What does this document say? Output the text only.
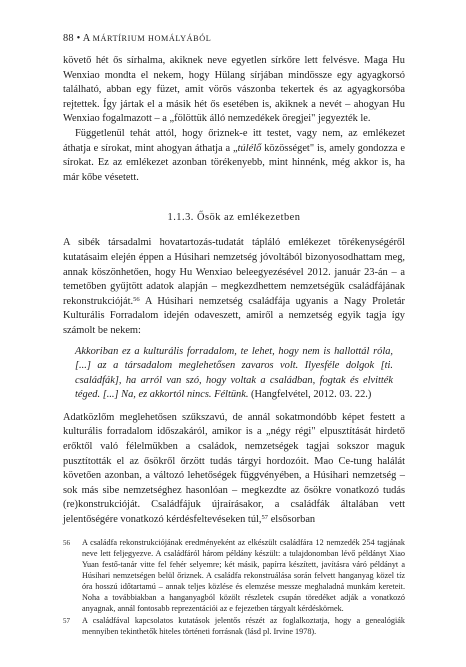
88 • A MÁRTÍRIUM HOMÁLYÁBÓL

követő hét ős sírhalma, akiknek neve egyetlen sírkőre lett felvésve. Maga Hu Wenxiao mondta el nekem, hogy Hülang sírjában mindössze egy agyagkorsó található, abban egy füzet, amit vörös vászonba tekertek és az agyagkorsóba rejtettek. Így jártak el a másik hét ős esetében is, akiknek a nevét – ahogyan Hu Wenxiao fogalmazott – a „fölöttük álló nemzedékek öregjei" jegyezték le.

Függetlenül tehát attól, hogy őriznek-e itt testet, vagy nem, az emlékezet áthatja e sírokat, mint ahogyan áthatja a „túlélő közösséget" is, amely gondozza e sírokat. Ez az emlékezet azonban törékenyebb, mint hinnénk, még akkor is, ha már kőbe vésetett.

1.1.3. Ősök az emlékezetben

A sibék társadalmi hovatartozás-tudatát tápláló emlékezet törékenységéről kutatásaim elején éppen a Húsihari nemzetség jóvoltából bizonyosodhattam meg, annak köszönhetően, hogy Hu Wenxiao beleegyezésével 2012. január 23-án – a temetőben gyűjtött adatok alapján – megkezdhettem nemzetségük családfájának rekonstrukcióját.$^{56}$ A Húsihari nemzetség családfája ugyanis a Nagy Proletár Kulturális Forradalom idején odaveszett, amiről a nemzetség egyik tagja így számolt be nekem:

Akkoriban ez a kulturális forradalom, te lehet, hogy nem is hallottál róla, [...] az a társadalom meglehetősen zavaros volt. Ilyesféle dolgok [ti. családfák], ha arról van szó, hogy voltak a családban, fogtak és elvitték téged. [...] Na, ez akkortól nincs. Féltünk. (Hangfelvétel, 2012. 03. 22.)

Adatközlőm meglehetősen szűkszavú, de annál sokatmondóbb képet festett a kulturális forradalom időszakáról, amikor is a „négy régi" elpusztítását hirdető erőktől való félelmükben a családok, nemzetségek tagjai sokszor maguk pusztították el az ősökről őrzött tudás tárgyi hordozóit. Mao Ce-tung halálát követően azonban, a változó lehetőségek függvényében, a Húsihari nemzetség – sok más sibe nemzetséghez hasonlóan – megkezdte az ősökre vonatkozó tudás (re)konstrukcióját. Családfájuk újraírásakor, a családfák általában vett jelentőségére vonatkozó kérdésfeltevéseken túl,$^{57}$ elsősorban

56	A családfa rekonstrukciójának eredményeként az elkészült családfára 12 nemzedék 254 tagjának neve lett feljegyezve. A családfáról három példány készült: a tulajdonomban lévő példányt Xiao Yuan festő-tanár vitte fel fehér selyemre; két másik, papírra készített, javításra váró példányt a Húsihari nemzetségen belül őriznek. A családfa rekonstruálása során felvett hanganyag közel tíz óra hosszú időtartamú – annak teljes közlése és elemzése messze meghaladná munkám kereteit. Noha a továbbiakban a hanganyagból közölt részletek csupán töredéket adják a vonatkozó anyagnak, annál fontosabb reprezentációi az e fejezetben tárgyalt kérdéskörnek.
57	A családfával kapcsolatos kutatások jelentős részét az foglalkoztatja, hogy a genealógiák mennyiben tekinthetők hiteles történeti forrásnak (lásd pl. Irvine 1978).
